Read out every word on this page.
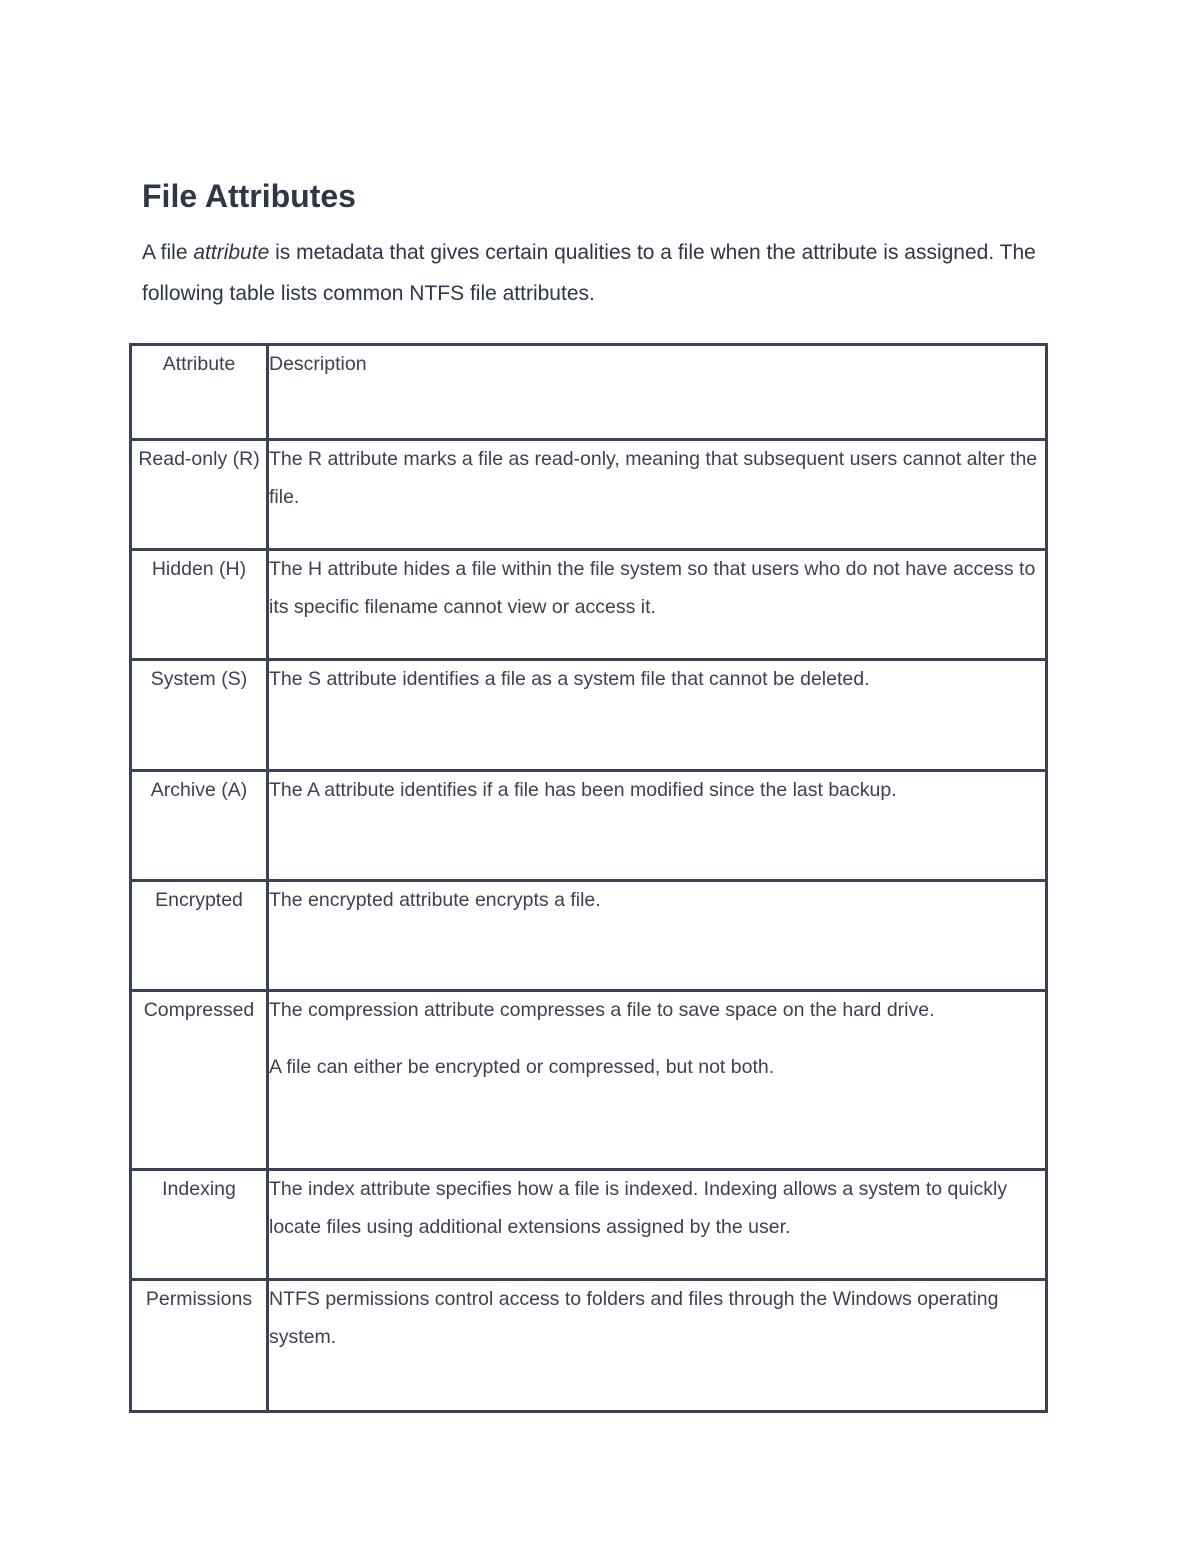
File Attributes

A file attribute is metadata that gives certain qualities to a file when the attribute is assigned. The following table lists common NTFS file attributes.

Attribute	Description
Read-only (R)	The R attribute marks a file as read-only, meaning that subsequent users cannot alter the file.

Hidden (H)	The H attribute hides a file within the file system so that users who do not have access to its specific filename cannot view or access it.

System (S)	The S attribute identifies a file as a system file that cannot be deleted.

Archive (A)	The A attribute identifies if a file has been modified since the last backup.

Encrypted	The encrypted attribute encrypts a file.

Compressed	The compression attribute compresses a file to save space on the hard drive.

A file can either be encrypted or compressed, but not both.

Indexing	The index attribute specifies how a file is indexed. Indexing allows a system to quickly locate files using additional extensions assigned by the user.

Permissions	NTFS permissions control access to folders and files through the Windows operating system.
